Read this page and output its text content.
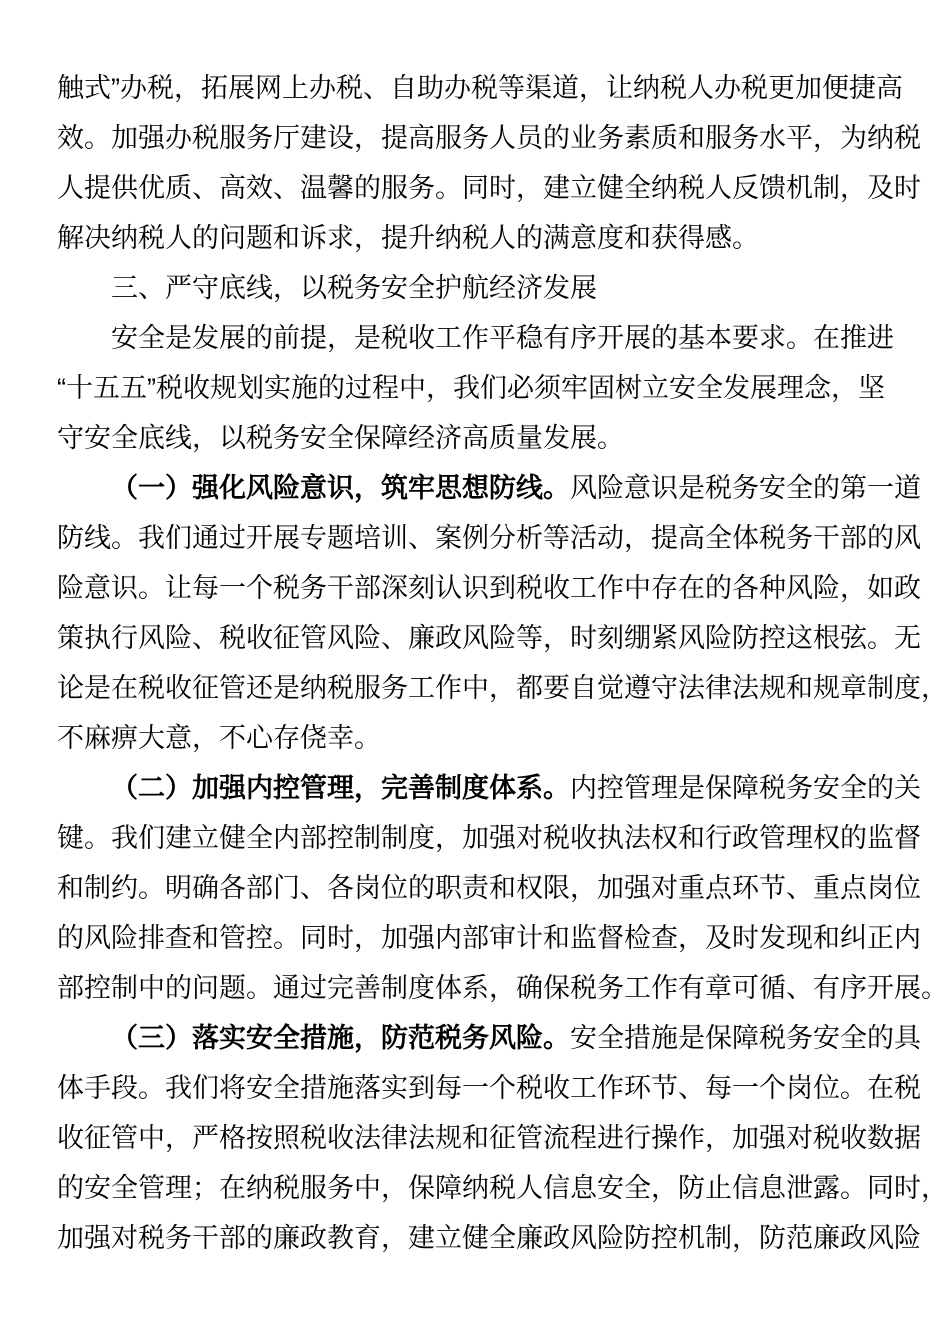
触式”办税，拓展网上办税、自助办税等渠道，让纳税人办税更加便捷高
效。加强办税服务厅建设，提高服务人员的业务素质和服务水平，为纳税
人提供优质、高效、温馨的服务。同时，建立健全纳税人反馈机制，及时
解决纳税人的问题和诉求，提升纳税人的满意度和获得感。
三、严守底线，以税务安全护航经济发展
安全是发展的前提，是税收工作平稳有序开展的基本要求。在推进
“十五五”税收规划实施的过程中，我们必须牢固树立安全发展理念，坚
守安全底线，以税务安全保障经济高质量发展。
（一）强化风险意识，筑牢思想防线。风险意识是税务安全的第一道
防线。我们通过开展专题培训、案例分析等活动，提高全体税务干部的风
险意识。让每一个税务干部深刻认识到税收工作中存在的各种风险，如政
策执行风险、税收征管风险、廉政风险等，时刻绷紧风险防控这根弦。无
论是在税收征管还是纳税服务工作中，都要自觉遵守法律法规和规章制度，
不麻痹大意，不心存侥幸。
（二）加强内控管理，完善制度体系。内控管理是保障税务安全的关
键。我们建立健全内部控制制度，加强对税收执法权和行政管理权的监督
和制约。明确各部门、各岗位的职责和权限，加强对重点环节、重点岗位
的风险排查和管控。同时，加强内部审计和监督检查，及时发现和纠正内
部控制中的问题。通过完善制度体系，确保税务工作有章可循、有序开展。
（三）落实安全措施，防范税务风险。安全措施是保障税务安全的具
体手段。我们将安全措施落实到每一个税收工作环节、每一个岗位。在税
收征管中，严格按照税收法律法规和征管流程进行操作，加强对税收数据
的安全管理；在纳税服务中，保障纳税人信息安全，防止信息泄露。同时，
加强对税务干部的廉政教育，建立健全廉政风险防控机制，防范廉政风险
